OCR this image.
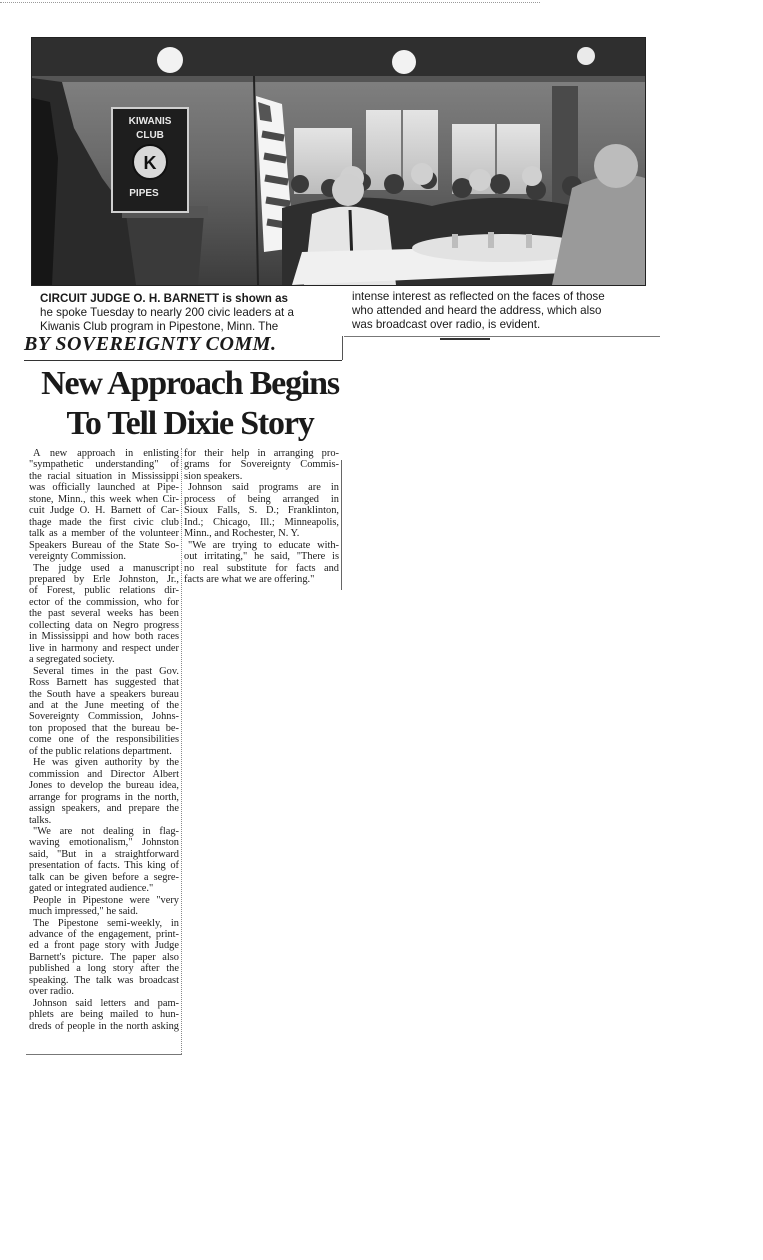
KIWANIS
CLUB
K
PIPES
CIRCUIT JUDGE O. H. BARNETT is shown as
he spoke Tuesday to nearly 200 civic leaders at a
Kiwanis Club program in Pipestone, Minn. The
intense interest as reflected on the faces of those
who attended and heard the address, which also
was broadcast over radio, is evident.
BY SOVEREIGNTY COMM.
New Approach Begins
To Tell Dixie Story
A new approach in enlisting
"sympathetic understanding" of
the racial situation in Mississippi
was officially launched at Pipe-
stone, Minn., this week when Cir-
cuit Judge O. H. Barnett of Car-
thage made the first civic club
talk as a member of the volunteer
Speakers Bureau of the State So-
vereignty Commission.
The judge used a manuscript
prepared by Erle Johnston, Jr.,
of Forest, public relations dir-
ector of the commission, who for
the past several weeks has been
collecting data on Negro progress
in Mississippi and how both races
live in harmony and respect under
a segregated society.
Several times in the past Gov.
Ross Barnett has suggested that
the South have a speakers bureau
and at the June meeting of the
Sovereignty Commission, Johns-
ton proposed that the bureau be-
come one of the responsibilities
of the public relations department.
He was given authority by the
commission and Director Albert
Jones to develop the bureau idea,
arrange for programs in the north,
assign speakers, and prepare the
talks.
"We are not dealing in flag-
waving emotionalism," Johnston
said, "But in a straightforward
presentation of facts. This king of
talk can be given before a segre-
gated or integrated audience."
People in Pipestone were "very
much impressed," he said.
The Pipestone semi-weekly, in
advance of the engagement, print-
ed a front page story with Judge
Barnett's picture. The paper also
published a long story after the
speaking. The talk was broadcast
over radio.
Johnson said letters and pam-
phlets are being mailed to hun-
dreds of people in the north asking
for their help in arranging pro-
grams for Sovereignty Commis-
sion speakers.
Johnson said programs are in
process of being arranged in
Sioux Falls, S. D.; Franklinton,
Ind.; Chicago, Ill.; Minneapolis,
Minn., and Rochester, N. Y.
"We are trying to educate with-
out irritating," he said, "There is
no real substitute for facts and
facts are what we are offering."
